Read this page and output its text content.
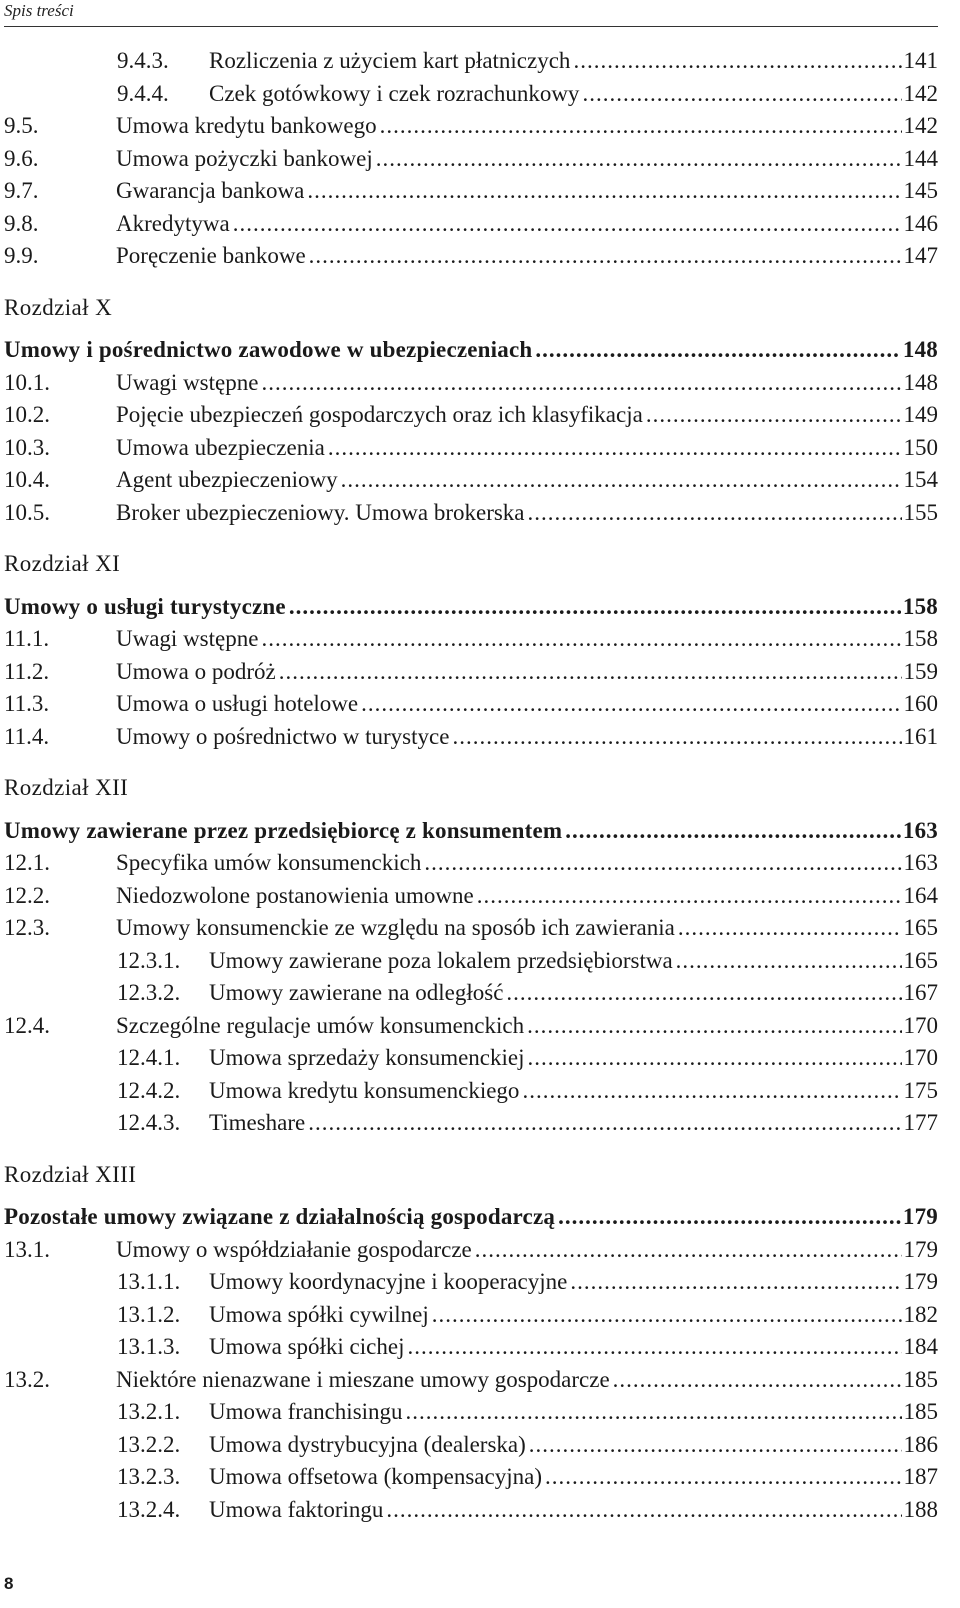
Spis treści
9.4.3. Rozliczenia z użyciem kart płatniczych .....	141
9.4.4. Czek gotówkowy i czek rozrachunkowy .....	142
9.5.	Umowa kredytu bankowego .....	142
9.6.	Umowa pożyczki bankowej .....	144
9.7.	Gwarancja bankowa .....	145
9.8.	Akredytywa .....	146
9.9.	Poręczenie bankowe .....	147
Rozdział X
Umowy i pośrednictwo zawodowe w ubezpieczeniach .....	148
10.1.	Uwagi wstępne .....	148
10.2.	Pojęcie ubezpieczeń gospodarczych oraz ich klasyfikacja .....	149
10.3.	Umowa ubezpieczenia .....	150
10.4.	Agent ubezpieczeniowy .....	154
10.5.	Broker ubezpieczeniowy. Umowa brokerska .....	155
Rozdział XI
Umowy o usługi turystyczne .....	158
11.1.	Uwagi wstępne .....	158
11.2.	Umowa o podróż .....	159
11.3.	Umowa o usługi hotelowe .....	160
11.4.	Umowy o pośrednictwo w turystyce .....	161
Rozdział XII
Umowy zawierane przez przedsiębiorcę z konsumentem .....	163
12.1.	Specyfika umów konsumenckich .....	163
12.2.	Niedozwolone postanowienia umowne .....	164
12.3.	Umowy konsumenckie ze względu na sposób ich zawierania .....	165
12.3.1. Umowy zawierane poza lokalem przedsiębiorstwa .....	165
12.3.2. Umowy zawierane na odległość .....	167
12.4.	Szczególne regulacje umów konsumenckich .....	170
12.4.1. Umowa sprzedaży konsumenckiej .....	170
12.4.2. Umowa kredytu konsumenckiego .....	175
12.4.3. Timeshare .....	177
Rozdział XIII
Pozostałe umowy związane z działalnością gospodarczą .....	179
13.1.	Umowy o współdziałanie gospodarcze .....	179
13.1.1. Umowy koordynacyjne i kooperacyjne .....	179
13.1.2. Umowa spółki cywilnej .....	182
13.1.3. Umowa spółki cichej .....	184
13.2.	Niektóre nienazwane i mieszane umowy gospodarcze .....	185
13.2.1. Umowa franchisingu .....	185
13.2.2. Umowa dystrybucyjna (dealerska) .....	186
13.2.3. Umowa offsetowa (kompensacyjna) .....	187
13.2.4. Umowa faktoringu .....	188
8
